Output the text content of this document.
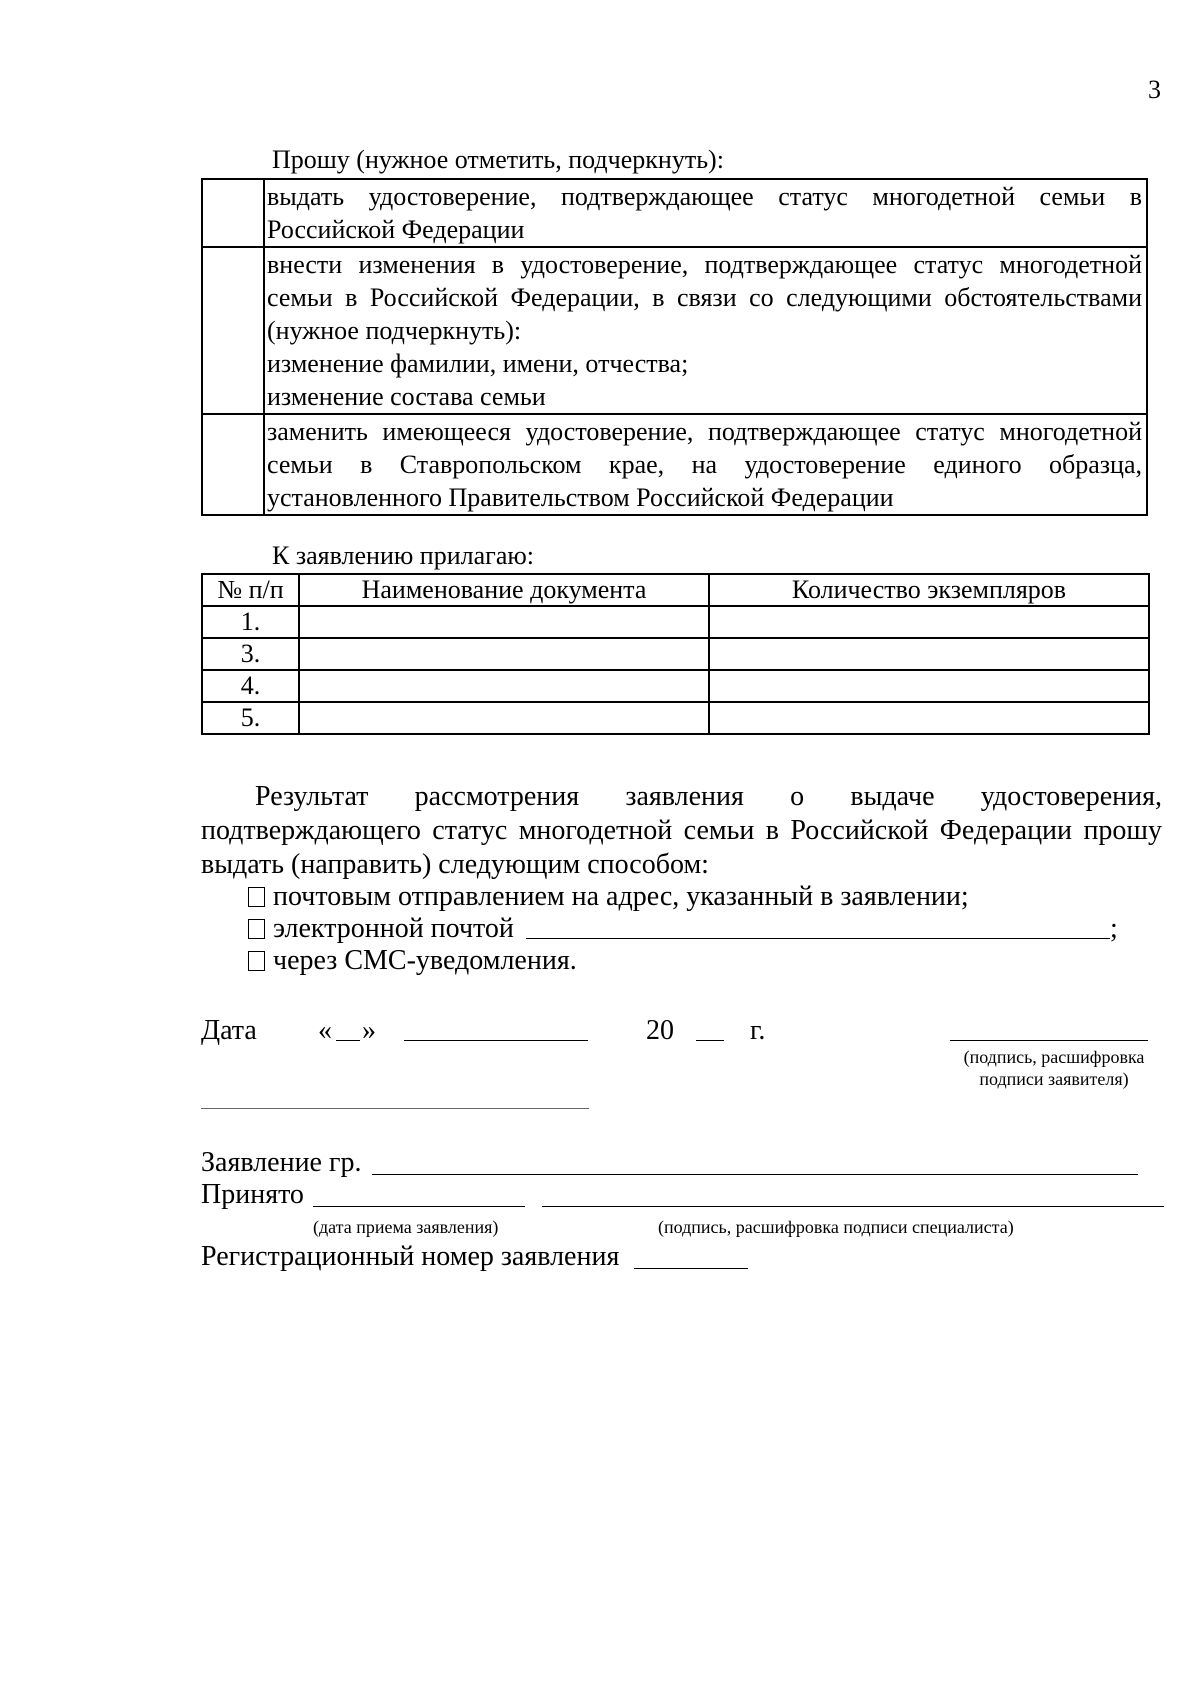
3
Прошу (нужное отметить, подчеркнуть):

	выдать удостоверение, подтверждающее статус многодетной семьи в Российской Федерации

	внести изменения в удостоверение, подтверждающее статус многодетной семьи в Российской Федерации, в связи со следующими обстоятельствами (нужное подчеркнуть):
изменение фамилии, имени, отчества;
изменение состава семьи

	заменить имеющееся удостоверение, подтверждающее статус многодетной семьи в Ставропольском крае, на удостоверение единого образца, установленного Правительством Российской Федерации
К заявлению прилагаю:
№ п/п	Наименование документа	Количество экземпляров
1.		
3.		
4.		
5.		
Результат рассмотрения заявления о выдаче удостоверения, подтверждающего статус многодетной семьи в Российской Федерации прошу выдать (направить) следующим способом:
почтовым отправлением на адрес, указанный в заявлении;
электронной почтой	;
через СМС-уведомления.
Дата « »	20	г.
(подпись, расшифровка
подписи заявителя)
Заявление гр.
Принято
(дата приема заявления)	(подпись, расшифровка подписи специалиста)
Регистрационный номер заявления
